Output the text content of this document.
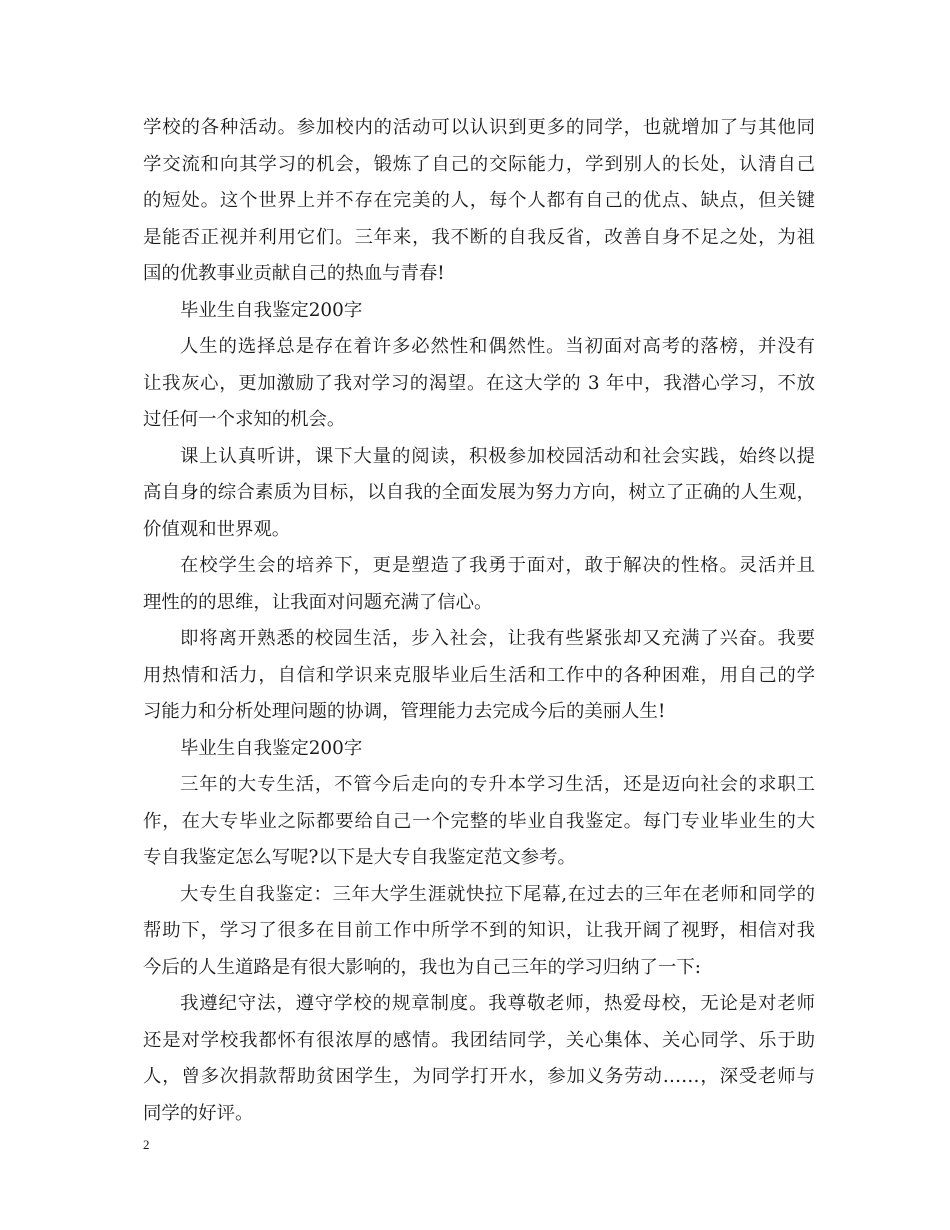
学校的各种活动。参加校内的活动可以认识到更多的同学，也就增加了与其他同
学交流和向其学习的机会，锻炼了自己的交际能力，学到别人的长处，认清自己
的短处。这个世界上并不存在完美的人，每个人都有自己的优点、缺点，但关键
是能否正视并利用它们。三年来，我不断的自我反省，改善自身不足之处，为祖
国的优教事业贡献自己的热血与青春!
毕业生自我鉴定200字
人生的选择总是存在着许多必然性和偶然性。当初面对高考的落榜，并没有
让我灰心，更加激励了我对学习的渴望。在这大学的 3 年中，我潜心学习，不放
过任何一个求知的机会。
课上认真听讲，课下大量的阅读，积极参加校园活动和社会实践，始终以提
高自身的综合素质为目标，以自我的全面发展为努力方向，树立了正确的人生观，
价值观和世界观。
在校学生会的培养下，更是塑造了我勇于面对，敢于解决的性格。灵活并且
理性的的思维，让我面对问题充满了信心。
即将离开熟悉的校园生活，步入社会，让我有些紧张却又充满了兴奋。我要
用热情和活力，自信和学识来克服毕业后生活和工作中的各种困难，用自己的学
习能力和分析处理问题的协调，管理能力去完成今后的美丽人生!
毕业生自我鉴定200字
三年的大专生活，不管今后走向的专升本学习生活，还是迈向社会的求职工
作，在大专毕业之际都要给自己一个完整的毕业自我鉴定。每门专业毕业生的大
专自我鉴定怎么写呢?以下是大专自我鉴定范文参考。
大专生自我鉴定：三年大学生涯就快拉下尾幕,在过去的三年在老师和同学的
帮助下，学习了很多在目前工作中所学不到的知识，让我开阔了视野，相信对我
今后的人生道路是有很大影响的，我也为自己三年的学习归纳了一下:
我遵纪守法，遵守学校的规章制度。我尊敬老师，热爱母校，无论是对老师
还是对学校我都怀有很浓厚的感情。我团结同学，关心集体、关心同学、乐于助
人，曾多次捐款帮助贫困学生，为同学打开水，参加义务劳动……，深受老师与
同学的好评。
2
